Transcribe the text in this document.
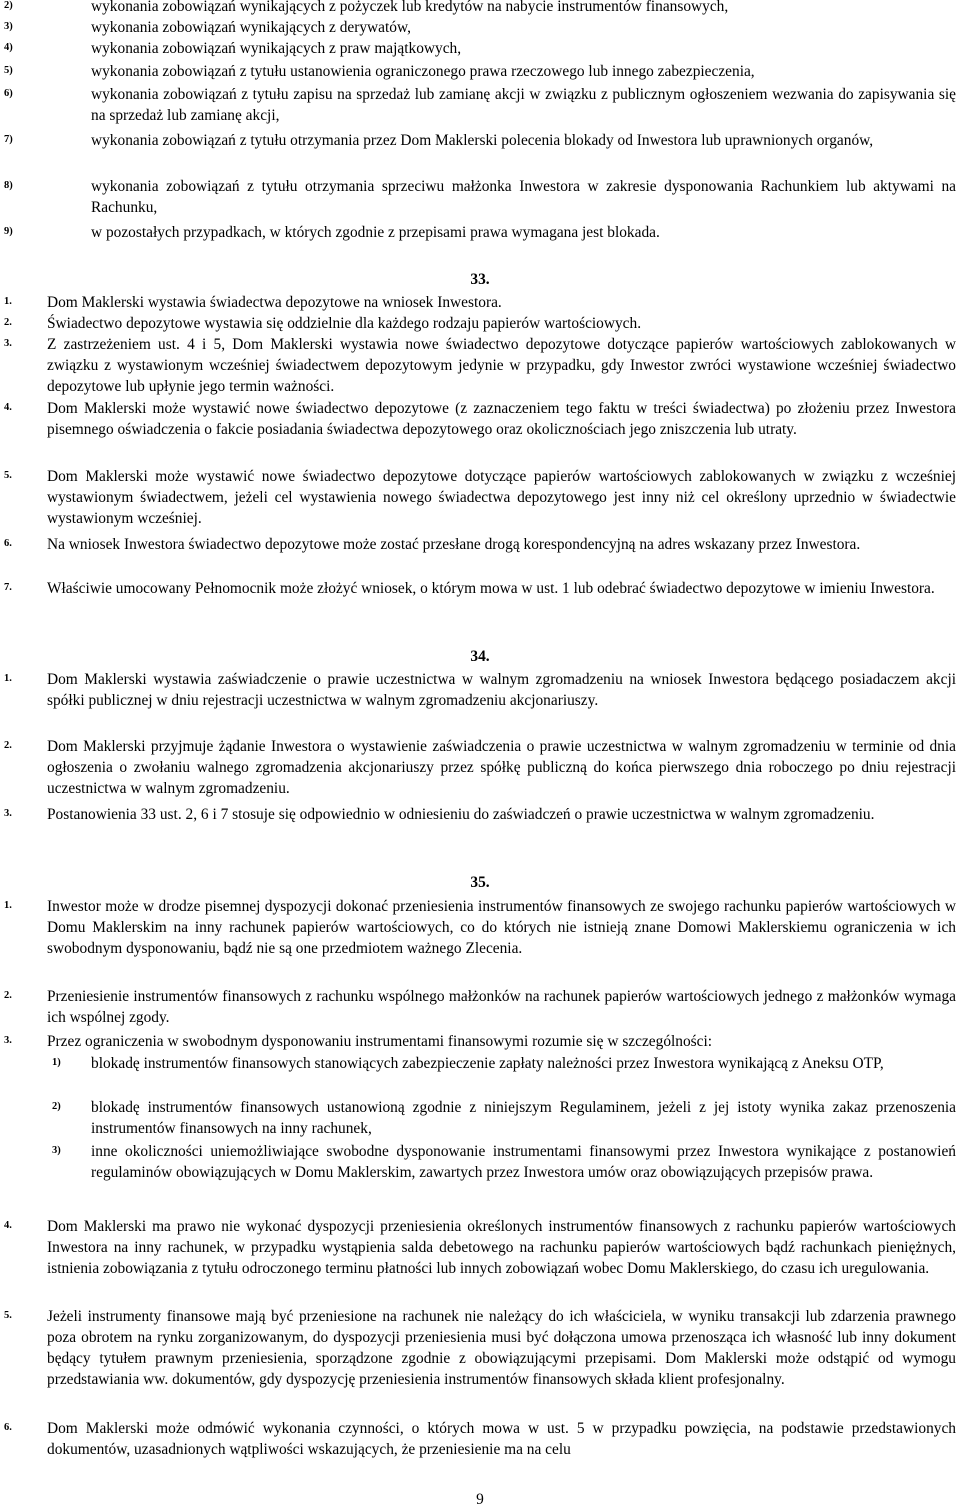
2)	wykonania zobowiązań wynikających z pożyczek lub kredytów na nabycie instrumentów finansowych,
3)	wykonania zobowiązań wynikających z derywatów,
4)	wykonania zobowiązań wynikających z praw majątkowych,
5)	wykonania zobowiązań z tytułu ustanowienia ograniczonego prawa rzeczowego lub innego zabezpieczenia,
6)	wykonania zobowiązań z tytułu zapisu na sprzedaż lub zamianę akcji w związku z publicznym ogłoszeniem wezwania do zapisywania się na sprzedaż lub zamianę akcji,
7)	wykonania zobowiązań z tytułu otrzymania przez Dom Maklerski polecenia blokady od Inwestora lub uprawnionych organów,
8)	wykonania zobowiązań z tytułu otrzymania sprzeciwu małżonka Inwestora w zakresie dysponowania Rachunkiem lub aktywami na Rachunku,
9)	w pozostałych przypadkach, w których zgodnie z przepisami prawa wymagana jest blokada.
33.
1. Dom Maklerski wystawia świadectwa depozytowe na wniosek Inwestora.
2. Świadectwo depozytowe wystawia się oddzielnie dla każdego rodzaju papierów wartościowych.
3. Z zastrzeżeniem ust. 4 i 5, Dom Maklerski wystawia nowe świadectwo depozytowe dotyczące papierów wartościowych zablokowanych w związku z wystawionym wcześniej świadectwem depozytowym jedynie w przypadku, gdy Inwestor zwróci wystawione wcześniej świadectwo depozytowe lub upłynie jego termin ważności.
4. Dom Maklerski może wystawić nowe świadectwo depozytowe (z zaznaczeniem tego faktu w treści świadectwa) po złożeniu przez Inwestora pisemnego oświadczenia o fakcie posiadania świadectwa depozytowego oraz okolicznościach jego zniszczenia lub utraty.
5. Dom Maklerski może wystawić nowe świadectwo depozytowe dotyczące papierów wartościowych zablokowanych w związku z wcześniej wystawionym świadectwem, jeżeli cel wystawienia nowego świadectwa depozytowego jest inny niż cel określony uprzednio w świadectwie wystawionym wcześniej.
6. Na wniosek Inwestora świadectwo depozytowe może zostać przesłane drogą korespondencyjną na adres wskazany przez Inwestora.
7. Właściwie umocowany Pełnomocnik może złożyć wniosek, o którym mowa w ust. 1 lub odebrać świadectwo depozytowe w imieniu Inwestora.
34.
1. Dom Maklerski wystawia zaświadczenie o prawie uczestnictwa w walnym zgromadzeniu na wniosek Inwestora będącego posiadaczem akcji spółki publicznej w dniu rejestracji uczestnictwa w walnym zgromadzeniu akcjonariuszy.
2. Dom Maklerski przyjmuje żądanie Inwestora o wystawienie zaświadczenia o prawie uczestnictwa w walnym zgromadzeniu w terminie od dnia ogłoszenia o zwołaniu walnego zgromadzenia akcjonariuszy przez spółkę publiczną do końca pierwszego dnia roboczego po dniu rejestracji uczestnictwa w walnym zgromadzeniu.
3. Postanowienia 33 ust. 2, 6 i 7 stosuje się odpowiednio w odniesieniu do zaświadczeń o prawie uczestnictwa w walnym zgromadzeniu.
35.
1. Inwestor może w drodze pisemnej dyspozycji dokonać przeniesienia instrumentów finansowych ze swojego rachunku papierów wartościowych w Domu Maklerskim na inny rachunek papierów wartościowych, co do których nie istnieją znane Domowi Maklerskiemu ograniczenia w ich swobodnym dysponowaniu, bądź nie są one przedmiotem ważnego Zlecenia.
2. Przeniesienie instrumentów finansowych z rachunku wspólnego małżonków na rachunek papierów wartościowych jednego z małżonków wymaga ich wspólnej zgody.
3. Przez ograniczenia w swobodnym dysponowaniu instrumentami finansowymi rozumie się w szczególności:
1) blokadę instrumentów finansowych stanowiących zabezpieczenie zapłaty należności przez Inwestora wynikającą z Aneksu OTP,
2) blokadę instrumentów finansowych ustanowioną zgodnie z niniejszym Regulaminem, jeżeli z jej istoty wynika zakaz przenoszenia instrumentów finansowych na inny rachunek,
3) inne okoliczności uniemożliwiające swobodne dysponowanie instrumentami finansowymi przez Inwestora wynikające z postanowień regulaminów obowiązujących w Domu Maklerskim, zawartych przez Inwestora umów oraz obowiązujących przepisów prawa.
4. Dom Maklerski ma prawo nie wykonać dyspozycji przeniesienia określonych instrumentów finansowych z rachunku papierów wartościowych Inwestora na inny rachunek, w przypadku wystąpienia salda debetowego na rachunku papierów wartościowych bądź rachunkach pieniężnych, istnienia zobowiązania z tytułu odroczonego terminu płatności lub innych zobowiązań wobec Domu Maklerskiego, do czasu ich uregulowania.
5. Jeżeli instrumenty finansowe mają być przeniesione na rachunek nie należący do ich właściciela, w wyniku transakcji lub zdarzenia prawnego poza obrotem na rynku zorganizowanym, do dyspozycji przeniesienia musi być dołączona umowa przenosząca ich własność lub inny dokument będący tytułem prawnym przeniesienia, sporządzone zgodnie z obowiązującymi przepisami. Dom Maklerski może odstąpić od wymogu przedstawiania ww. dokumentów, gdy dyspozycję przeniesienia instrumentów finansowych składa klient profesjonalny.
6. Dom Maklerski może odmówić wykonania czynności, o których mowa w ust. 5 w przypadku powzięcia, na podstawie przedstawionych dokumentów, uzasadnionych wątpliwości wskazujących, że przeniesienie ma na celu
9
